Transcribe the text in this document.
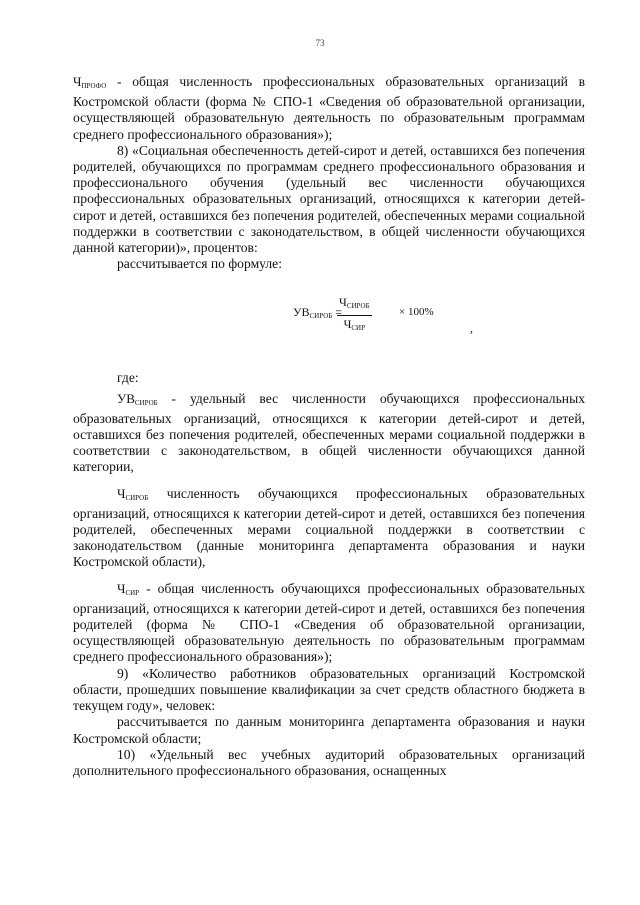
73

$Ч_{ПРОФО}$ - общая численность профессиональных образовательных организаций в Костромской области (форма № СПО-1 «Сведения об образовательной организации, осуществляющей образовательную деятельность по образовательным программам среднего профессионального образования»);

8) «Социальная обеспеченность детей-сирот и детей, оставшихся без попечения родителей, обучающихся по программам среднего профессионального образования и профессионального обучения (удельный вес численности обучающихся профессиональных образовательных организаций, относящихся к категории детей-сирот и детей, оставшихся без попечения родителей, обеспеченных мерами социальной поддержки в соответствии с законодательством, в общей численности обучающихся данной категории)», процентов:

рассчитывается по формуле:

$УВ_{СИРОБ}$ =
$Ч_{СИРОБ}$
$Ч_{СИР}$
× 100%
,

где:

$УВ_{СИРОБ}$ - удельный вес численности обучающихся профессиональных образовательных организаций, относящихся к категории детей-сирот и детей, оставшихся без попечения родителей, обеспеченных мерами социальной поддержки в соответствии с законодательством, в общей численности обучающихся данной категории,

$Ч_{СИРОБ}$ численность обучающихся профессиональных образовательных организаций, относящихся к категории детей-сирот и детей, оставшихся без попечения родителей, обеспеченных мерами социальной поддержки в соответствии с законодательством (данные мониторинга департамента образования и науки Костромской области),

$Ч_{СИР}$ - общая численность обучающихся профессиональных образовательных организаций, относящихся к категории детей-сирот и детей, оставшихся без попечения родителей (форма № СПО-1 «Сведения об образовательной организации, осуществляющей образовательную деятельность по образовательным программам среднего профессионального образования»);

9) «Количество работников образовательных организаций Костромской области, прошедших повышение квалификации за счет средств областного бюджета в текущем году», человек:

рассчитывается по данным мониторинга департамента образования и науки Костромской области;

10) «Удельный вес учебных аудиторий образовательных организаций дополнительного профессионального образования, оснащенных
